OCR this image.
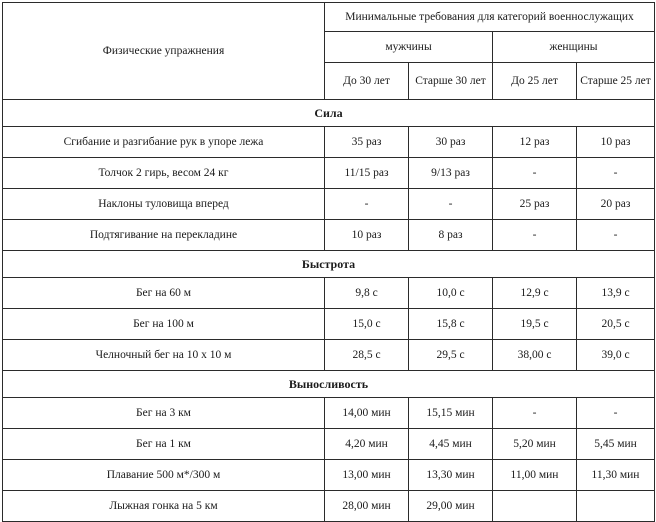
Физические упражнения	Минимальные требования для категорий военнослужащих			
	мужчины		женщины	
	До 30 лет	Старше 30 лет	До 25 лет	Старше 25 лет
Сила				
Сгибание и разгибание рук в упоре лежа	35 раз	30 раз	12 раз	10 раз
Толчок 2 гирь, весом 24 кг	11/15 раз	9/13 раз	-	-
Наклоны туловища вперед	-	-	25 раз	20 раз
Подтягивание на перекладине	10 раз	8 раз	-	-
Быстрота				
Бег на 60 м	9,8 с	10,0 с	12,9 с	13,9 с
Бег на 100 м	15,0 с	15,8 с	19,5 с	20,5 с
Челночный бег на 10 х 10 м	28,5 с	29,5 с	38,00 с	39,0 с
Выносливость				
Бег на 3 км	14,00 мин	15,15 мин	-	-
Бег на 1 км	4,20 мин	4,45 мин	5,20 мин	5,45 мин
Плавание 500 м*/300 м	13,00 мин	13,30 мин	11,00 мин	11,30 мин
Лыжная гонка на 5 км	28,00 мин	29,00 мин		
